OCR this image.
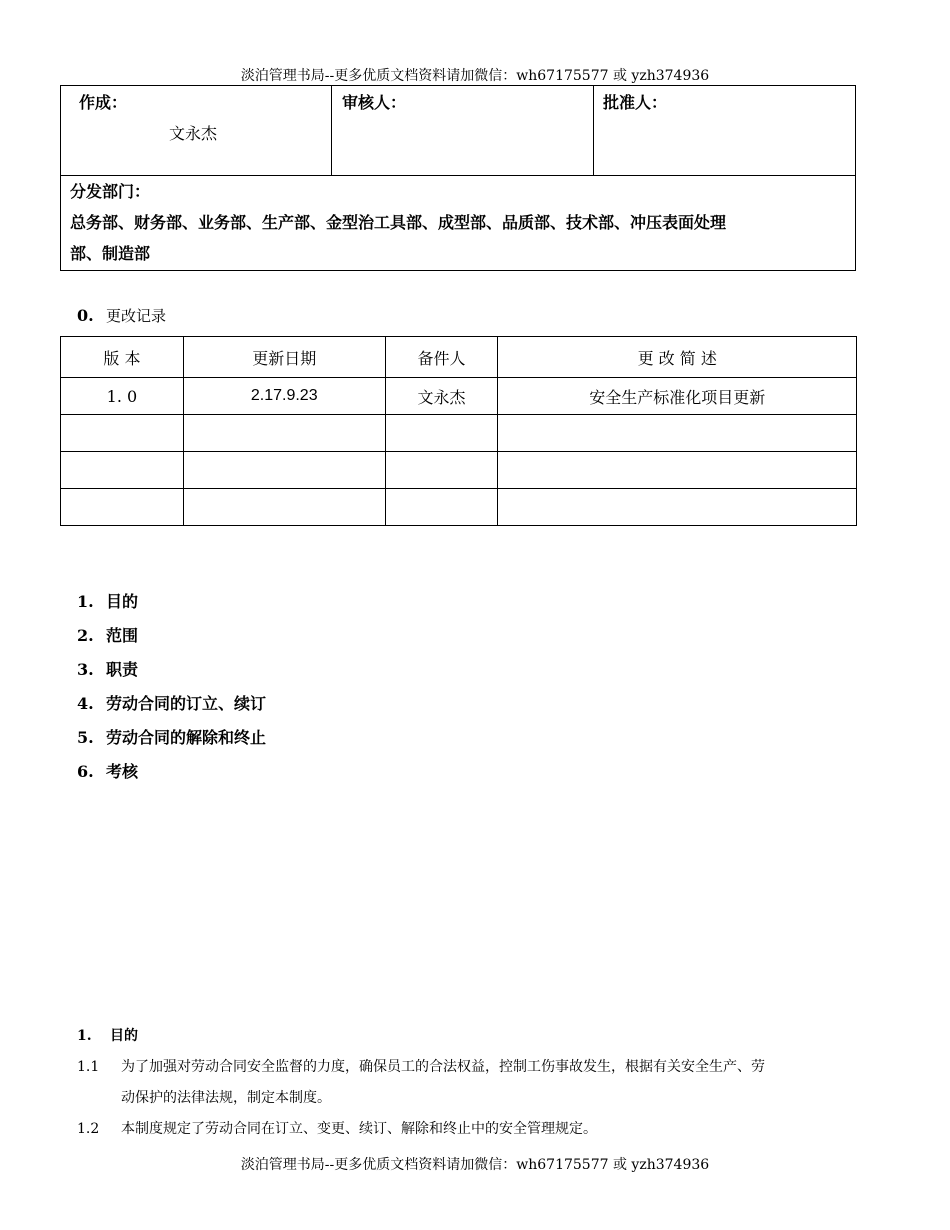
淡泊管理书局--更多优质文档资料请加微信：wh67175577 或 yzh374936
作成：
文永杰
审核人：	批准人：
分发部门：
总务部、财务部、业务部、生产部、金型治工具部、成型部、品质部、技术部、冲压表面处理
部、制造部
0. 更改记录
版 本	更新日期	备件人	更 改 简 述
1. 0	2.17.9.23	文永杰	安全生产标准化项目更新

1. 目的
2. 范围
3. 职责
4. 劳动合同的订立、续订
5. 劳动合同的解除和终止
6. 考核
1. 目的
1.1 为了加强对劳动合同安全监督的力度，确保员工的合法权益，控制工伤事故发生，根据有关安全生产、劳
动保护的法律法规，制定本制度。
1.2 本制度规定了劳动合同在订立、变更、续订、解除和终止中的安全管理规定。
淡泊管理书局--更多优质文档资料请加微信：wh67175577 或 yzh374936
